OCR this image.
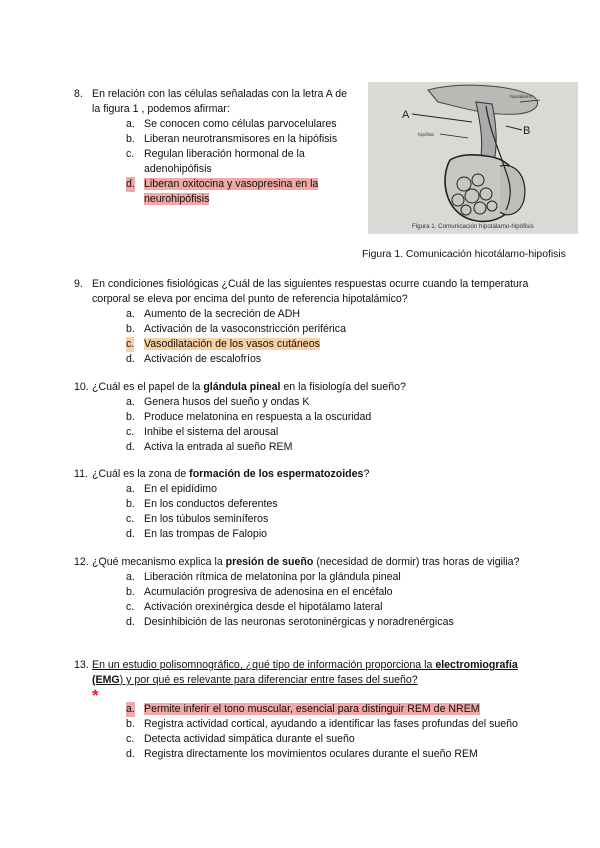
8. En relación con las células señaladas con la letra A de la figura 1 , podemos afirmar:
a. Se conocen como células parvocelulares
b. Liberan neurotransmisores en la hipófisis
c. Regulan liberación hormonal de la adenohipófisis
d. Liberan oxitocina y vasopresina en la neurohipófisis
A
B
hipotálamo
hipófisis
Figura 1. Comunicación hipotálamo-hipófisis
Figura 1. Comunicación hicotálamo-hipofisis
9. En condiciones fisiológicas ¿Cuál de las siguientes respuestas ocurre cuando la temperatura corporal se eleva por encima del punto de referencia hipotalámico?
a. Aumento de la secreción de ADH
b. Activación de la vasoconstricción periférica
c. Vasodilatación de los vasos cutáneos
d. Activación de escalofríos
10. ¿Cuál es el papel de la glándula pineal en la fisiología del sueño?
a. Genera husos del sueño y ondas K
b. Produce melatonina en respuesta a la oscuridad
c. Inhibe el sistema del arousal
d. Activa la entrada al sueño REM
11. ¿Cuál es la zona de formación de los espermatozoides?
a. En el epidídimo
b. En los conductos deferentes
c. En los túbulos seminíferos
d. En las trompas de Falopio
12. ¿Qué mecanismo explica la presión de sueño (necesidad de dormir) tras horas de vigilia?
a. Liberación rítmica de melatonina por la glándula pineal
b. Acumulación progresiva de adenosina en el encéfalo
c. Activación orexinérgica desde el hipotálamo lateral
d. Desinhibición de las neuronas serotoninérgicas y noradrenérgicas
13. En un estudio polisomnográfico, ¿qué tipo de información proporciona la electromiografía (EMG) y por qué es relevante para diferenciar entre fases del sueño?
*
a. Permite inferir el tono muscular, esencial para distinguir REM de NREM
b. Registra actividad cortical, ayudando a identificar las fases profundas del sueño
c. Detecta actividad simpática durante el sueño
d. Registra directamente los movimientos oculares durante el sueño REM
